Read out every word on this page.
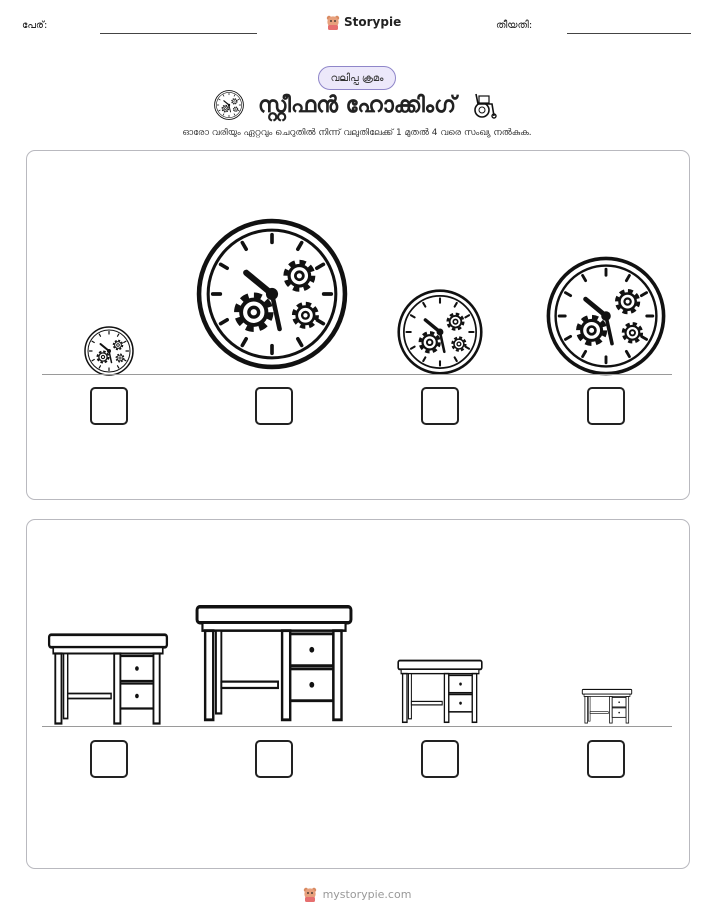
പേര്:	Storypie	തീയതി:
വലിപ്പ ക്രമം
സ്റ്റീഫൻ ഹോക്കിംഗ്
ഓരോ വരിയും ഏറ്റവും ചെറുതിൽ നിന്ന് വലുതിലേക്ക് 1 മുതൽ 4 വരെ സംഖ്യ നൽകുക.
mystorypie.com
